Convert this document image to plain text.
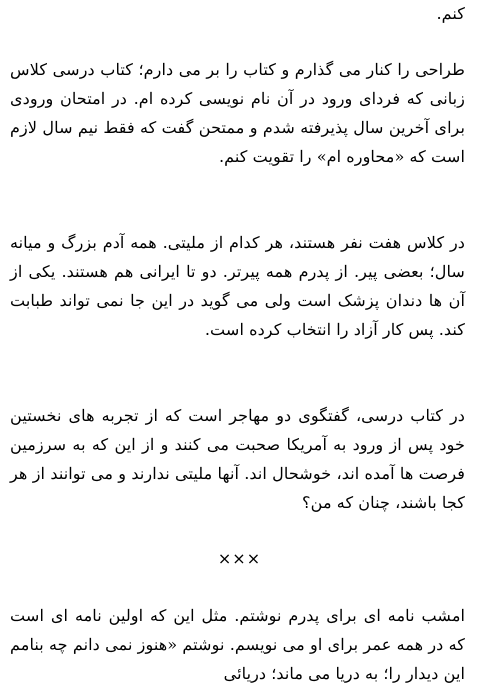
کنم.

طراحی را کنار می گذارم و کتاب را بر می دارم؛ کتاب درسی کلاس زبانی که فردای ورود در آن نام نویسی کرده ام. در امتحان ورودی برای آخرین سال پذیرفته شدم و ممتحن گفت که فقط نیم سال لازم است که «محاوره ام» را تقویت کنم.

در کلاس هفت نفر هستند، هر کدام از ملیتی. همه آدم بزرگ و میانه سال؛ بعضی پیر. از پدرم همه پیرتر. دو تا ایرانی هم هستند. یکی از آن ها دندان پزشک است ولی می گوید در این جا نمی تواند طبابت کند. پس کار آزاد را انتخاب کرده است.

در کتاب درسی، گفتگوی دو مهاجر است که از تجربه های نخستین خود پس از ورود به آمریکا صحبت می کنند و از این که به سرزمین فرصت ها آمده اند، خوشحال اند. آنها ملیتی ندارند و می توانند از هر کجا باشند، چنان که من؟

×××

امشب نامه ای برای پدرم نوشتم. مثل این که اولین نامه ای است که در همه عمر برای او می نویسم. نوشتم «هنوز نمی دانم چه بنامم این دیدار را؛ به دریا می ماند؛ دریائی
